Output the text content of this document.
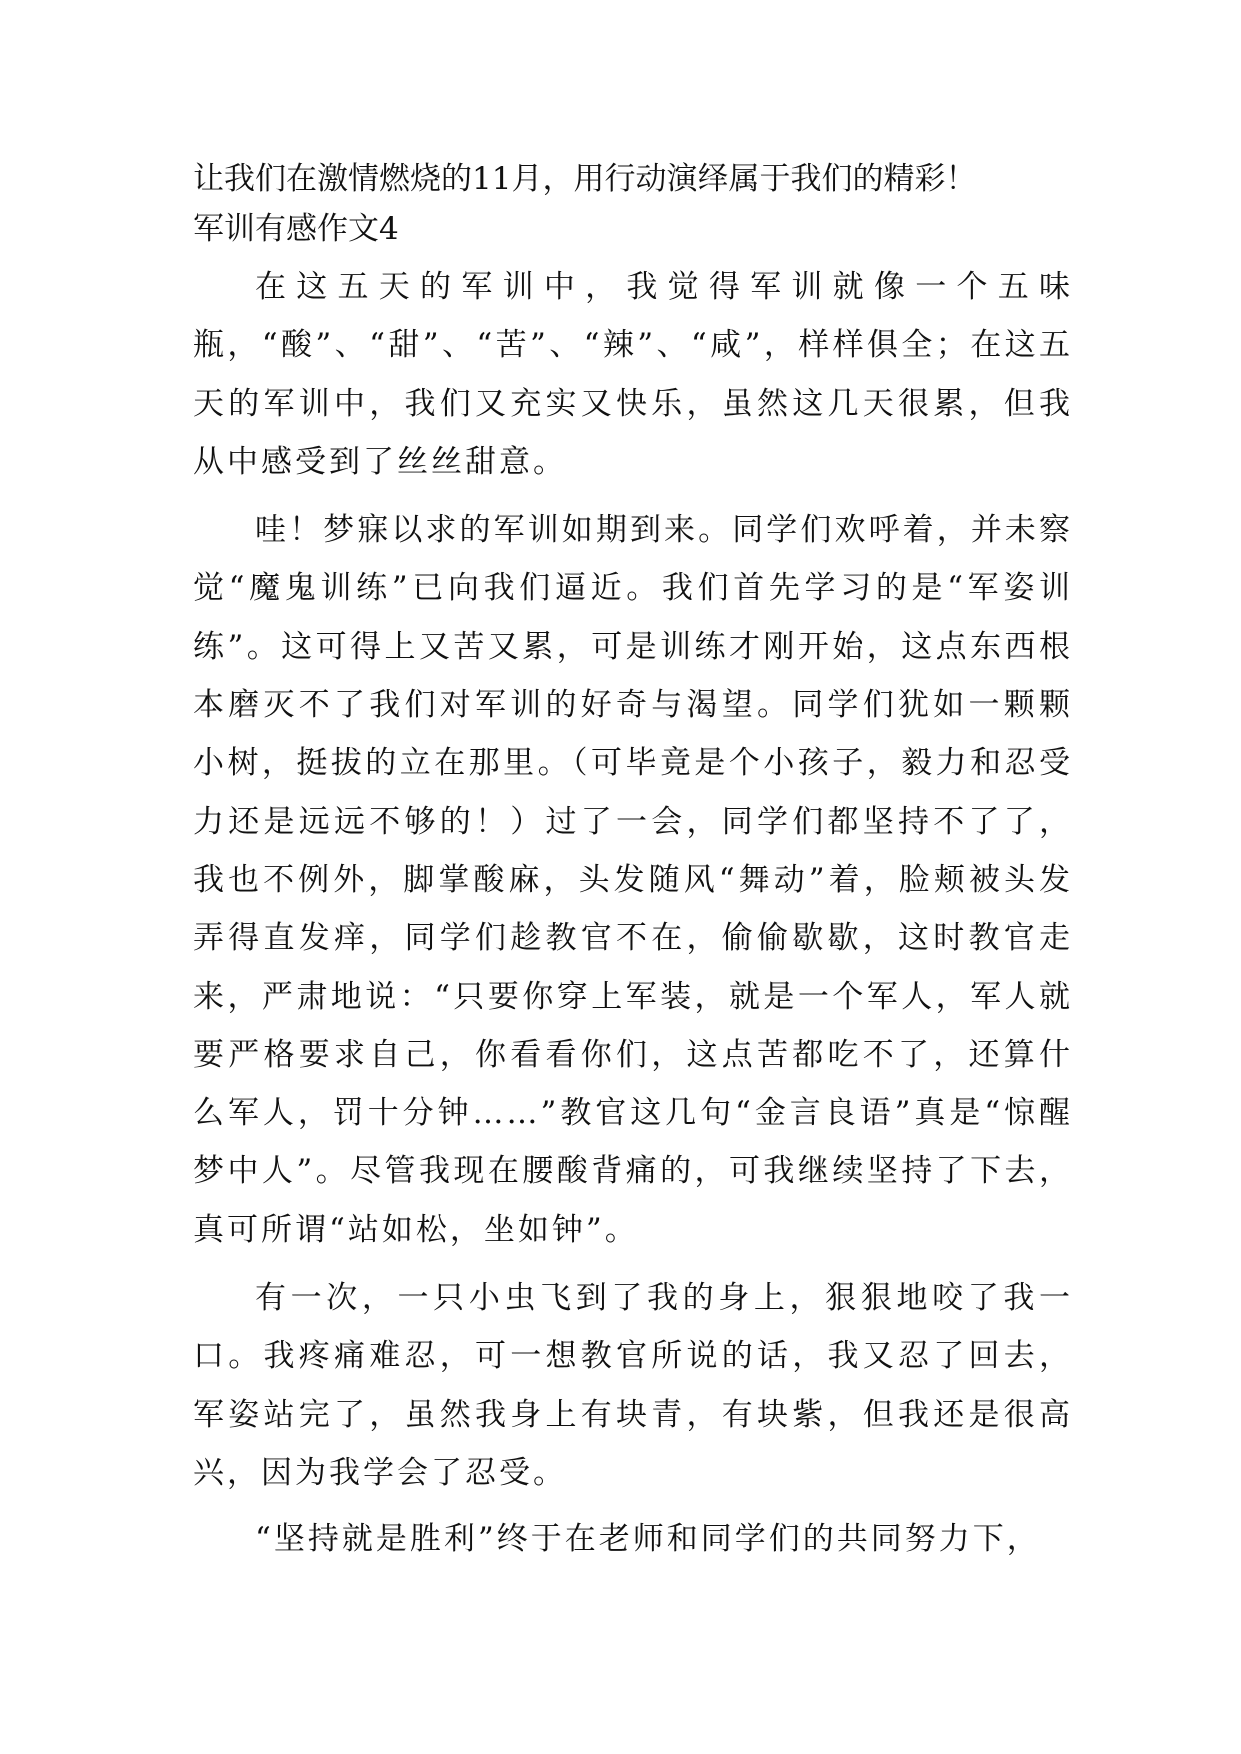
让我们在激情燃烧的11月，用行动演绎属于我们的精彩！

军训有感作文4

在这五天的军训中，我觉得军训就像一个五味瓶，“酸”、“甜”、“苦”、“辣”、“咸”，样样俱全；在这五天的军训中，我们又充实又快乐，虽然这几天很累，但我从中感受到了丝丝甜意。

哇！梦寐以求的军训如期到来。同学们欢呼着，并未察觉“魔鬼训练”已向我们逼近。我们首先学习的是“军姿训练”。这可得上又苦又累，可是训练才刚开始，这点东西根本磨灭不了我们对军训的好奇与渴望。同学们犹如一颗颗小树，挺拔的立在那里。（可毕竟是个小孩子，毅力和忍受力还是远远不够的！）过了一会，同学们都坚持不了了，我也不例外，脚掌酸麻，头发随风“舞动”着，脸颊被头发弄得直发痒，同学们趁教官不在，偷偷歇歇，这时教官走来，严肃地说：“只要你穿上军装，就是一个军人，军人就要严格要求自己，你看看你们，这点苦都吃不了，还算什么军人，罚十分钟……”教官这几句“金言良语”真是“惊醒梦中人”。尽管我现在腰酸背痛的，可我继续坚持了下去，真可所谓“站如松，坐如钟”。

有一次，一只小虫飞到了我的身上，狠狠地咬了我一口。我疼痛难忍，可一想教官所说的话，我又忍了回去，军姿站完了，虽然我身上有块青，有块紫，但我还是很高兴，因为我学会了忍受。

“坚持就是胜利”终于在老师和同学们的共同努力下，
